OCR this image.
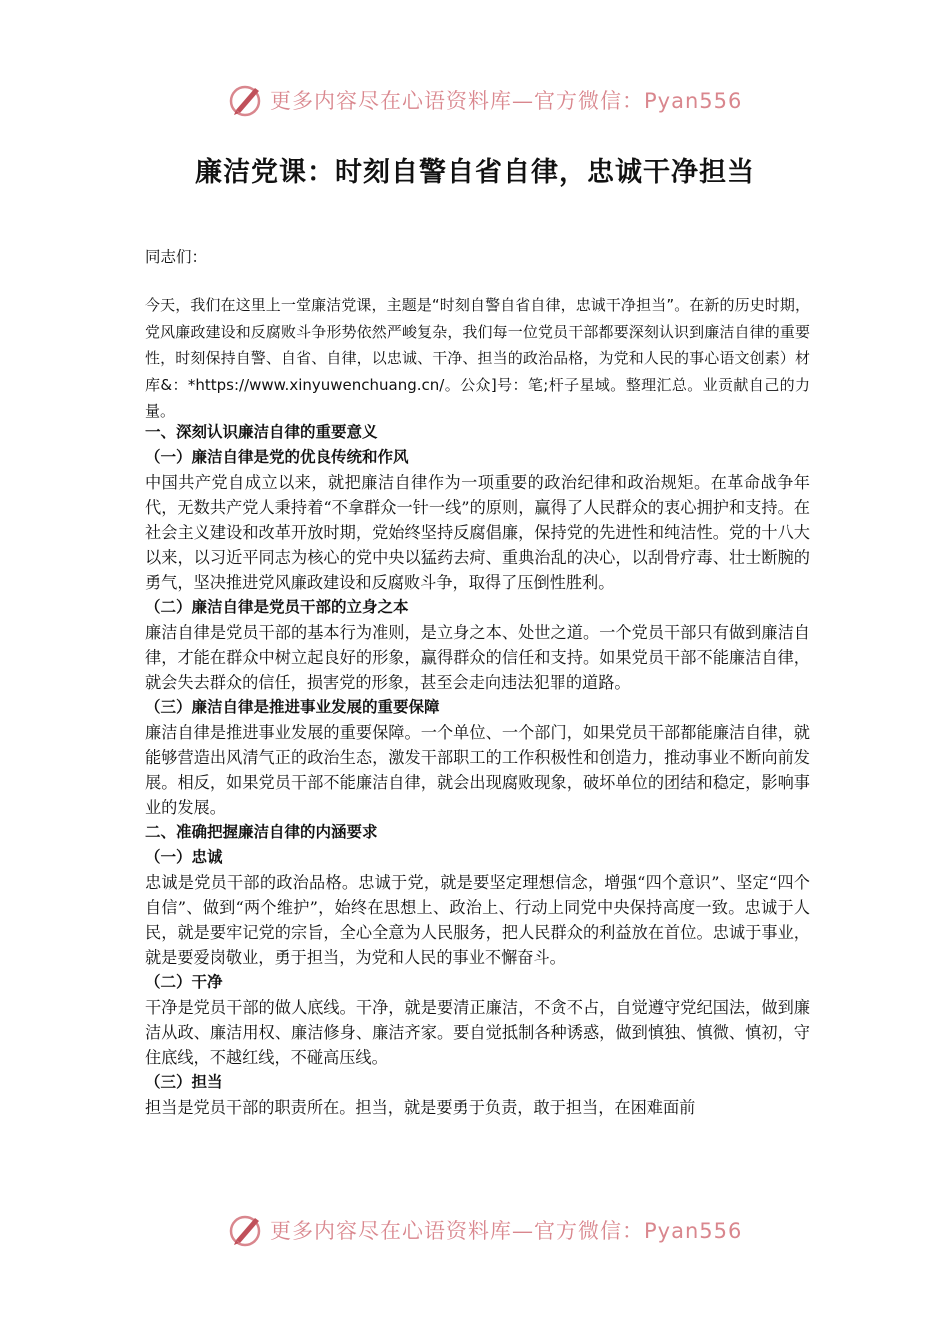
更多内容尽在心语资料库—官方微信：Pyan556
廉洁党课：时刻自警自省自律，忠诚干净担当

同志们：

今天，我们在这里上一堂廉洁党课，主题是“时刻自警自省自律，忠诚干净担当”。在新的历史时期，党风廉政建设和反腐败斗争形势依然严峻复杂，我们每一位党员干部都要深刻认识到廉洁自律的重要性，时刻保持自警、自省、自律，以忠诚、干净、担当的政治品格，为党和人民的事心语文创素）材库&：*https://www.xinyuwenchuang.cn/。公众]号：笔;杆子星域。整理汇总。业贡献自己的力量。

一、深刻认识廉洁自律的重要意义

（一）廉洁自律是党的优良传统和作风

中国共产党自成立以来，就把廉洁自律作为一项重要的政治纪律和政治规矩。在革命战争年代，无数共产党人秉持着“不拿群众一针一线”的原则，赢得了人民群众的衷心拥护和支持。在社会主义建设和改革开放时期，党始终坚持反腐倡廉，保持党的先进性和纯洁性。党的十八大以来，以习近平同志为核心的党中央以猛药去疴、重典治乱的决心，以刮骨疗毒、壮士断腕的勇气，坚决推进党风廉政建设和反腐败斗争，取得了压倒性胜利。

（二）廉洁自律是党员干部的立身之本

廉洁自律是党员干部的基本行为准则，是立身之本、处世之道。一个党员干部只有做到廉洁自律，才能在群众中树立起良好的形象，赢得群众的信任和支持。如果党员干部不能廉洁自律，就会失去群众的信任，损害党的形象，甚至会走向违法犯罪的道路。

（三）廉洁自律是推进事业发展的重要保障

廉洁自律是推进事业发展的重要保障。一个单位、一个部门，如果党员干部都能廉洁自律，就能够营造出风清气正的政治生态，激发干部职工的工作积极性和创造力，推动事业不断向前发展。相反，如果党员干部不能廉洁自律，就会出现腐败现象，破坏单位的团结和稳定，影响事业的发展。

二、准确把握廉洁自律的内涵要求

（一）忠诚

忠诚是党员干部的政治品格。忠诚于党，就是要坚定理想信念，增强“四个意识”、坚定“四个自信”、做到“两个维护”，始终在思想上、政治上、行动上同党中央保持高度一致。忠诚于人民，就是要牢记党的宗旨，全心全意为人民服务，把人民群众的利益放在首位。忠诚于事业，就是要爱岗敬业，勇于担当，为党和人民的事业不懈奋斗。

（二）干净

干净是党员干部的做人底线。干净，就是要清正廉洁，不贪不占，自觉遵守党纪国法，做到廉洁从政、廉洁用权、廉洁修身、廉洁齐家。要自觉抵制各种诱惑，做到慎独、慎微、慎初，守住底线，不越红线，不碰高压线。

（三）担当

担当是党员干部的职责所在。担当，就是要勇于负责，敢于担当，在困难面前

更多内容尽在心语资料库—官方微信：Pyan556
